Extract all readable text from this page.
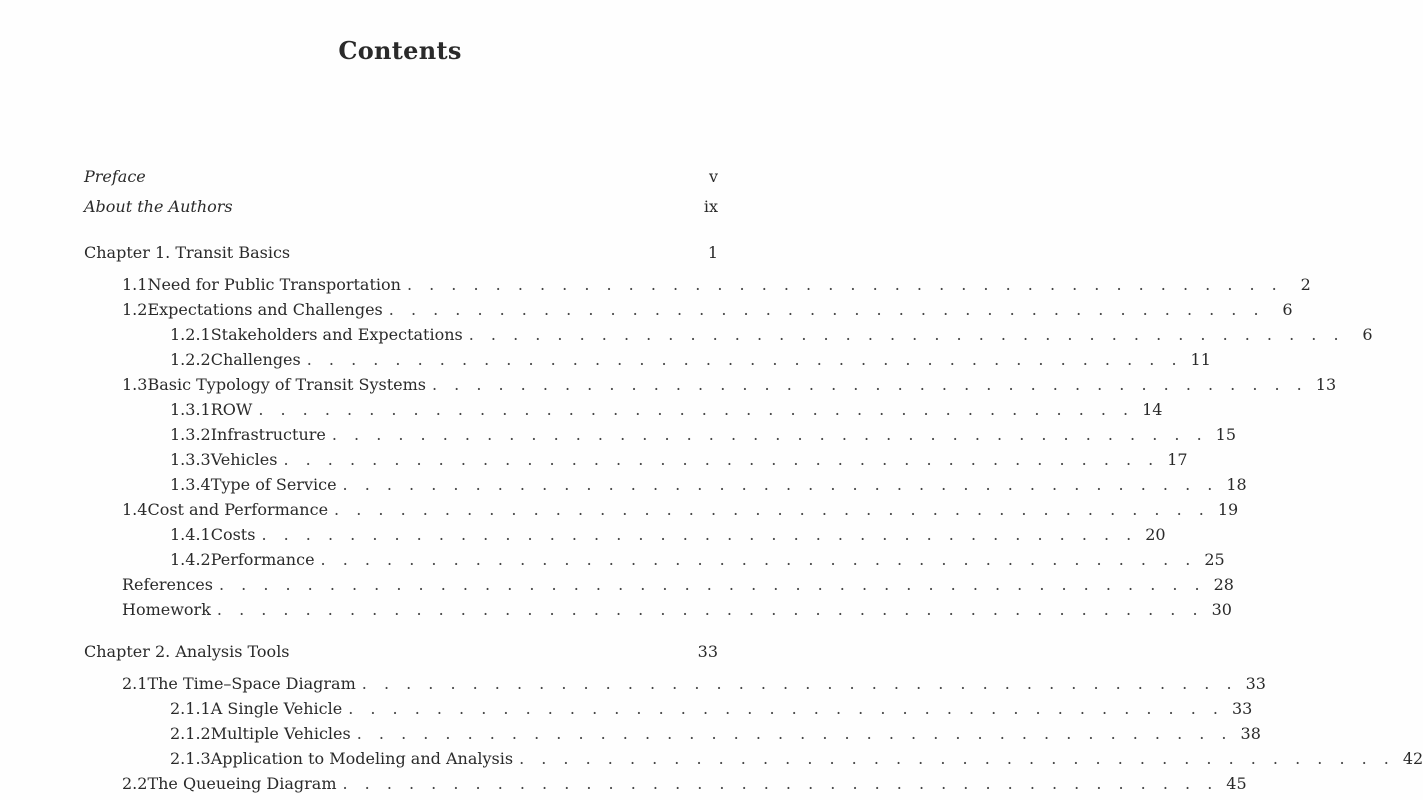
Contents
Preface	v
About the Authors	ix
Chapter 1. Transit Basics	1
1.1 Need for Public Transportation . . . . . . . . . . . . . . . . . . . . . . . . . . . . . . . . . . . . . . . .	2
1.2 Expectations and Challenges . . . . . . . . . . . . . . . . . . . . . . . . . . . . . . . . . . . . . . . .	6
1.2.1 Stakeholders and Expectations . . . . . . . . . . . . . . . . . . . . . . . . . . . . . . . . . . . . . . . .	6
1.2.2 Challenges . . . . . . . . . . . . . . . . . . . . . . . . . . . . . . . . . . . . . . . . 11
1.3 Basic Typology of Transit Systems . . . . . . . . . . . . . . . . . . . . . . . . . . . . . . . . . . . . . . . . 13
1.3.1 ROW . . . . . . . . . . . . . . . . . . . . . . . . . . . . . . . . . . . . . . . . 14
1.3.2 Infrastructure . . . . . . . . . . . . . . . . . . . . . . . . . . . . . . . . . . . . . . . . 15
1.3.3 Vehicles . . . . . . . . . . . . . . . . . . . . . . . . . . . . . . . . . . . . . . . . 17
1.3.4 Type of Service . . . . . . . . . . . . . . . . . . . . . . . . . . . . . . . . . . . . . . . . 18
1.4 Cost and Performance . . . . . . . . . . . . . . . . . . . . . . . . . . . . . . . . . . . . . . . . 19
1.4.1 Costs . . . . . . . . . . . . . . . . . . . . . . . . . . . . . . . . . . . . . . . . 20
1.4.2 Performance . . . . . . . . . . . . . . . . . . . . . . . . . . . . . . . . . . . . . . . . 25
References . . . . . . . . . . . . . . . . . . . . . . . . . . . . . . . . . . . . . . . . . . . . . 28
Homework . . . . . . . . . . . . . . . . . . . . . . . . . . . . . . . . . . . . . . . . . . . . . 30
Chapter 2. Analysis Tools	33
2.1 The Time–Space Diagram . . . . . . . . . . . . . . . . . . . . . . . . . . . . . . . . . . . . . . . . 33
2.1.1 A Single Vehicle . . . . . . . . . . . . . . . . . . . . . . . . . . . . . . . . . . . . . . . . 33
2.1.2 Multiple Vehicles . . . . . . . . . . . . . . . . . . . . . . . . . . . . . . . . . . . . . . . . 38
2.1.3 Application to Modeling and Analysis . . . . . . . . . . . . . . . . . . . . . . . . . . . . . . . . . . . . . . . . 42
2.2 The Queueing Diagram . . . . . . . . . . . . . . . . . . . . . . . . . . . . . . . . . . . . . . . . 45
